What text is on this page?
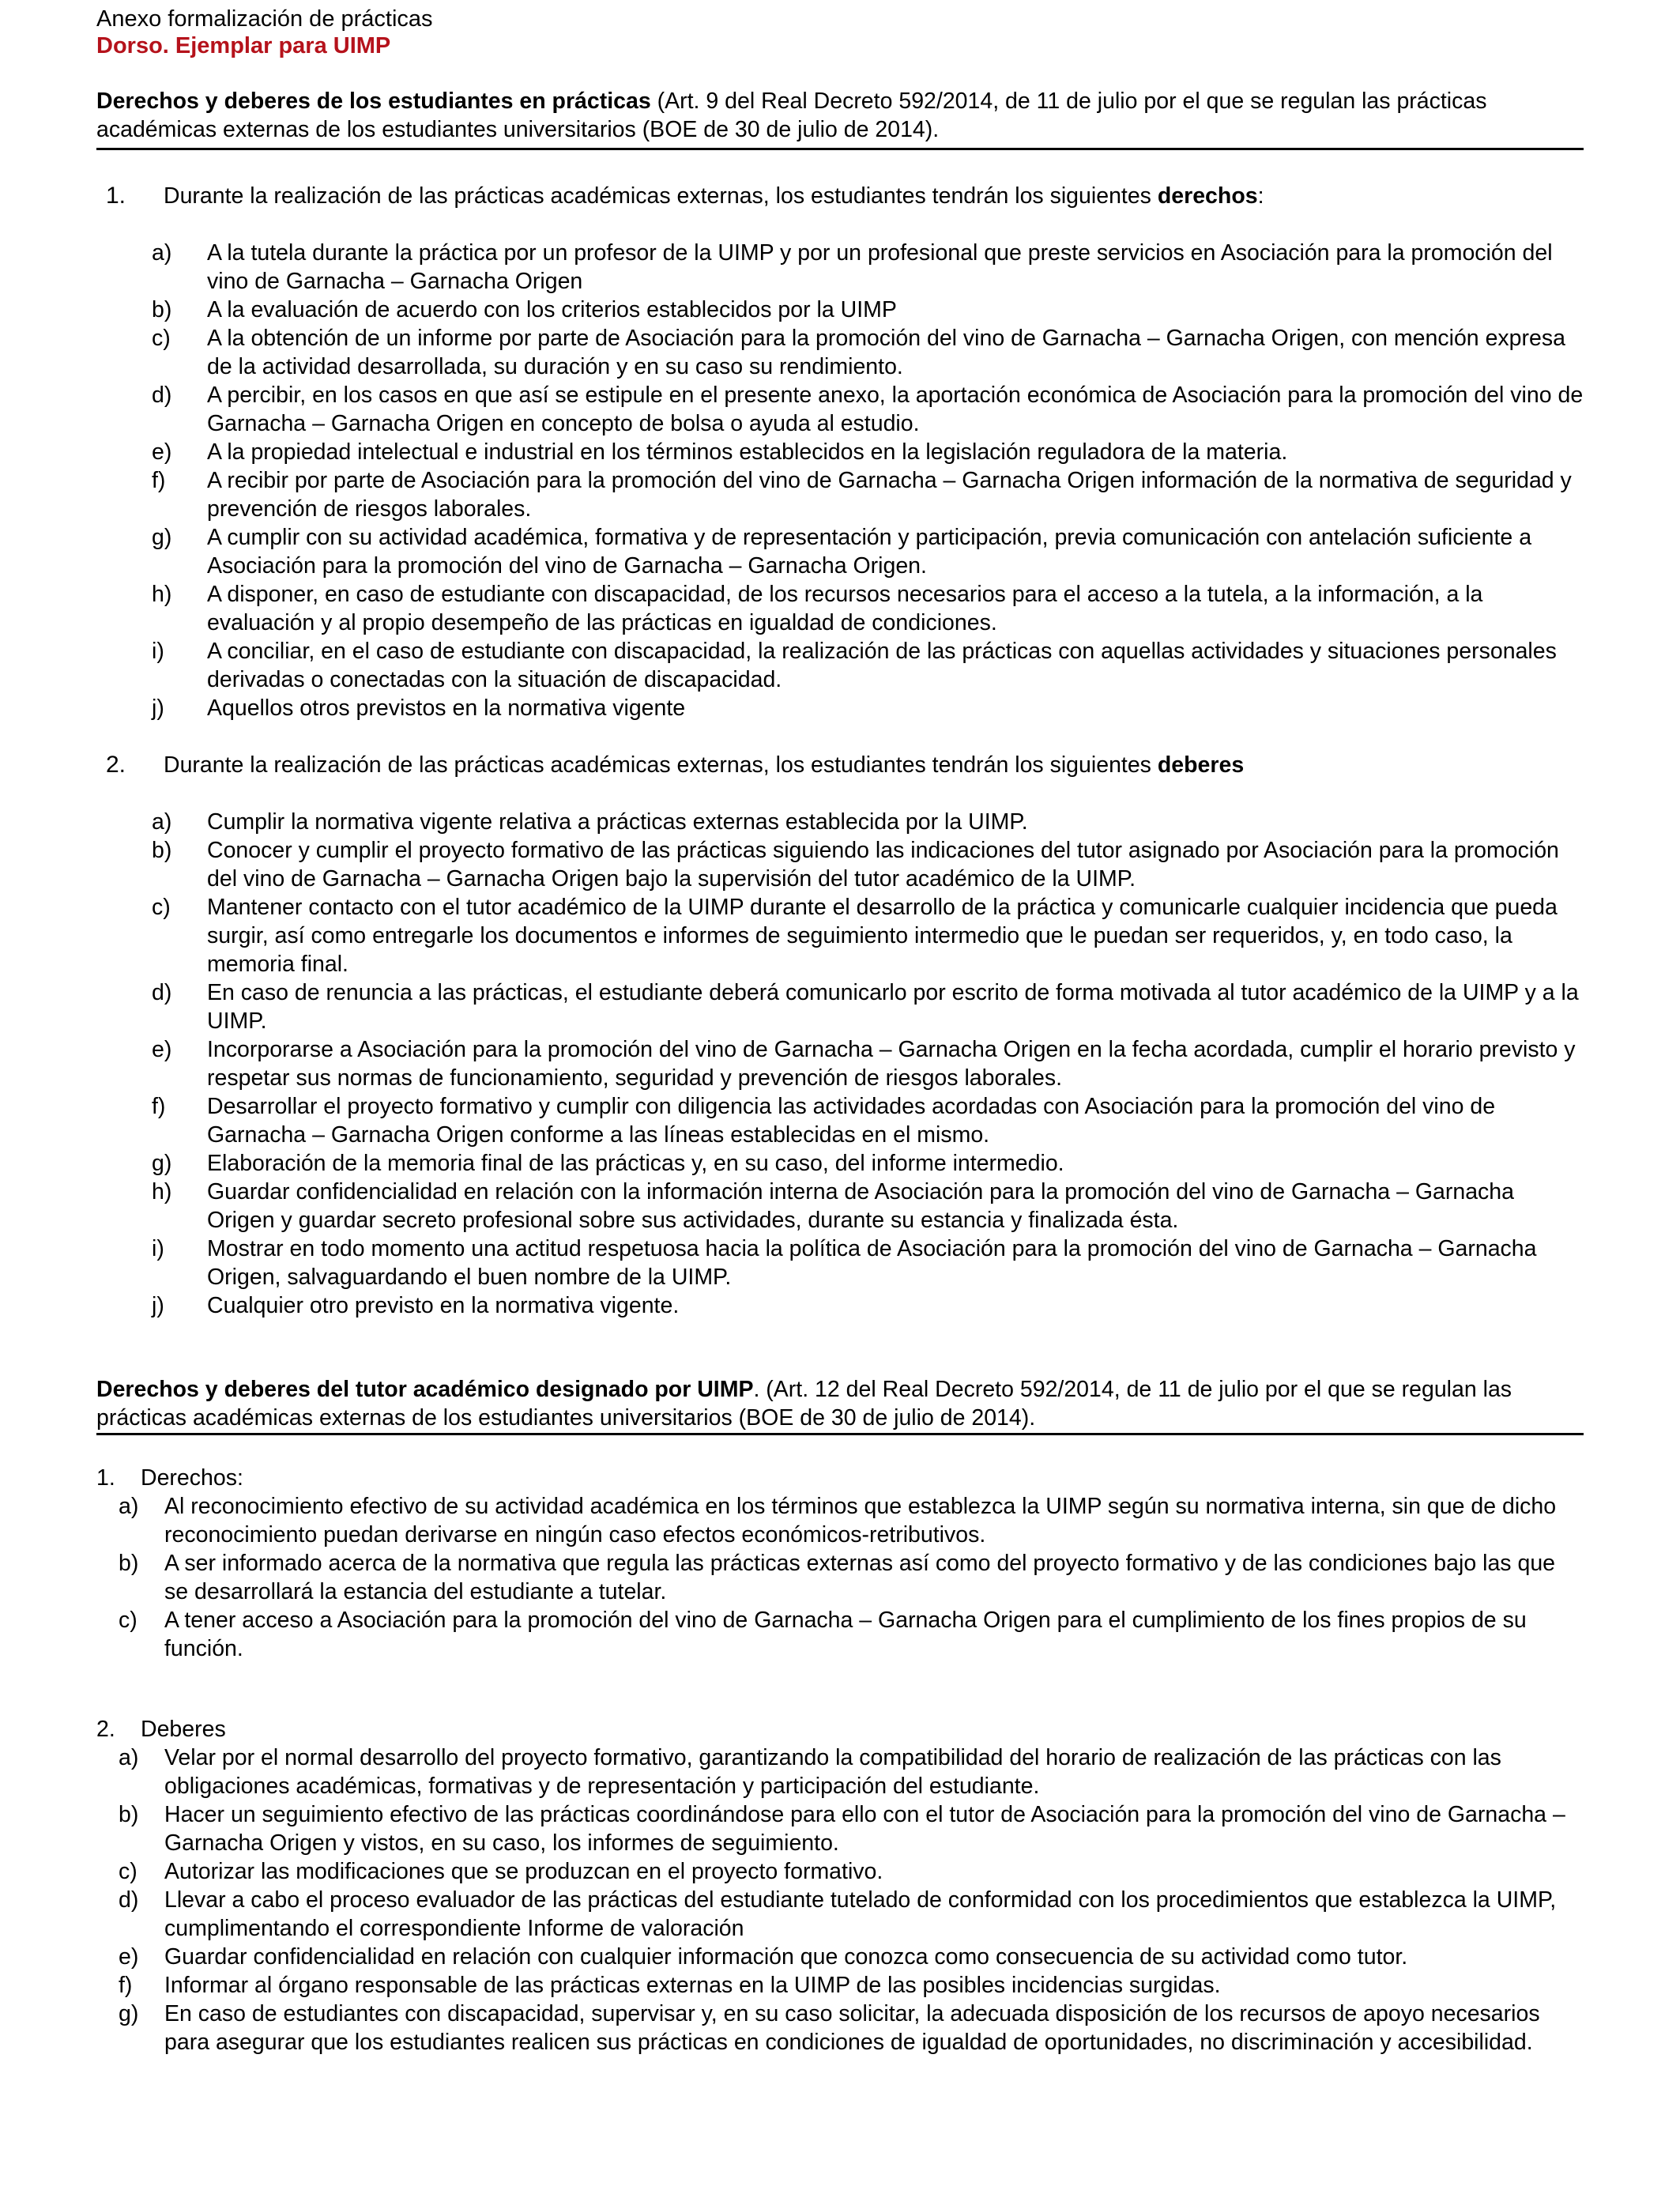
Anexo formalización de prácticas
Dorso. Ejemplar para UIMP
Derechos y deberes de los estudiantes en prácticas (Art. 9 del Real Decreto 592/2014, de 11 de julio por el que se regulan las prácticas académicas externas de los estudiantes universitarios (BOE de 30 de julio de 2014).
1. Durante la realización de las prácticas académicas externas, los estudiantes tendrán los siguientes derechos:
a) A la tutela durante la práctica por un profesor de la UIMP y por un profesional que preste servicios en Asociación para la promoción del vino de Garnacha – Garnacha Origen
b) A la evaluación de acuerdo con los criterios establecidos por la UIMP
c) A la obtención de un informe por parte de Asociación para la promoción del vino de Garnacha – Garnacha Origen, con mención expresa de la actividad desarrollada, su duración y en su caso su rendimiento.
d) A percibir, en los casos en que así se estipule en el presente anexo, la aportación económica de Asociación para la promoción del vino de Garnacha – Garnacha Origen en concepto de bolsa o ayuda al estudio.
e) A la propiedad intelectual e industrial en los términos establecidos en la legislación reguladora de la materia.
f) A recibir por parte de Asociación para la promoción del vino de Garnacha – Garnacha Origen información de la normativa de seguridad y prevención de riesgos laborales.
g) A cumplir con su actividad académica, formativa y de representación y participación, previa comunicación con antelación suficiente a Asociación para la promoción del vino de Garnacha – Garnacha Origen.
h) A disponer, en caso de estudiante con discapacidad, de los recursos necesarios para el acceso a la tutela, a la información, a la evaluación y al propio desempeño de las prácticas en igualdad de condiciones.
i) A conciliar, en el caso de estudiante con discapacidad, la realización de las prácticas con aquellas actividades y situaciones personales derivadas o conectadas con la situación de discapacidad.
j) Aquellos otros previstos en la normativa vigente
2. Durante la realización de las prácticas académicas externas, los estudiantes tendrán los siguientes deberes
a) Cumplir la normativa vigente relativa a prácticas externas establecida por la UIMP.
b) Conocer y cumplir el proyecto formativo de las prácticas siguiendo las indicaciones del tutor asignado por Asociación para la promoción del vino de Garnacha – Garnacha Origen bajo la supervisión del tutor académico de la UIMP.
c) Mantener contacto con el tutor académico de la UIMP durante el desarrollo de la práctica y comunicarle cualquier incidencia que pueda surgir, así como entregarle los documentos e informes de seguimiento intermedio que le puedan ser requeridos, y, en todo caso, la memoria final.
d) En caso de renuncia a las prácticas, el estudiante deberá comunicarlo por escrito de forma motivada al tutor académico de la UIMP y a la UIMP.
e) Incorporarse a Asociación para la promoción del vino de Garnacha – Garnacha Origen en la fecha acordada, cumplir el horario previsto y respetar sus normas de funcionamiento, seguridad y prevención de riesgos laborales.
f) Desarrollar el proyecto formativo y cumplir con diligencia las actividades acordadas con Asociación para la promoción del vino de Garnacha – Garnacha Origen conforme a las líneas establecidas en el mismo.
g) Elaboración de la memoria final de las prácticas y, en su caso, del informe intermedio.
h) Guardar confidencialidad en relación con la información interna de Asociación para la promoción del vino de Garnacha – Garnacha Origen y guardar secreto profesional sobre sus actividades, durante su estancia y finalizada ésta.
i) Mostrar en todo momento una actitud respetuosa hacia la política de Asociación para la promoción del vino de Garnacha – Garnacha Origen, salvaguardando el buen nombre de la UIMP.
j) Cualquier otro previsto en la normativa vigente.
Derechos y deberes del tutor académico designado por UIMP. (Art. 12 del Real Decreto 592/2014, de 11 de julio por el que se regulan las prácticas académicas externas de los estudiantes universitarios (BOE de 30 de julio de 2014).
1. Derechos:
a) Al reconocimiento efectivo de su actividad académica en los términos que establezca la UIMP según su normativa interna, sin que de dicho reconocimiento puedan derivarse en ningún caso efectos económicos-retributivos.
b) A ser informado acerca de la normativa que regula las prácticas externas así como del proyecto formativo y de las condiciones bajo las que se desarrollará la estancia del estudiante a tutelar.
c) A tener acceso a Asociación para la promoción del vino de Garnacha – Garnacha Origen para el cumplimiento de los fines propios de su función.
2. Deberes
a) Velar por el normal desarrollo del proyecto formativo, garantizando la compatibilidad del horario de realización de las prácticas con las obligaciones académicas, formativas y de representación y participación del estudiante.
b) Hacer un seguimiento efectivo de las prácticas coordinándose para ello con el tutor de Asociación para la promoción del vino de Garnacha – Garnacha Origen y vistos, en su caso, los informes de seguimiento.
c) Autorizar las modificaciones que se produzcan en el proyecto formativo.
d) Llevar a cabo el proceso evaluador de las prácticas del estudiante tutelado de conformidad con los procedimientos que establezca la UIMP, cumplimentando el correspondiente Informe de valoración
e) Guardar confidencialidad en relación con cualquier información que conozca como consecuencia de su actividad como tutor.
f) Informar al órgano responsable de las prácticas externas en la UIMP de las posibles incidencias surgidas.
g) En caso de estudiantes con discapacidad, supervisar y, en su caso solicitar, la adecuada disposición de los recursos de apoyo necesarios para asegurar que los estudiantes realicen sus prácticas en condiciones de igualdad de oportunidades, no discriminación y accesibilidad.
